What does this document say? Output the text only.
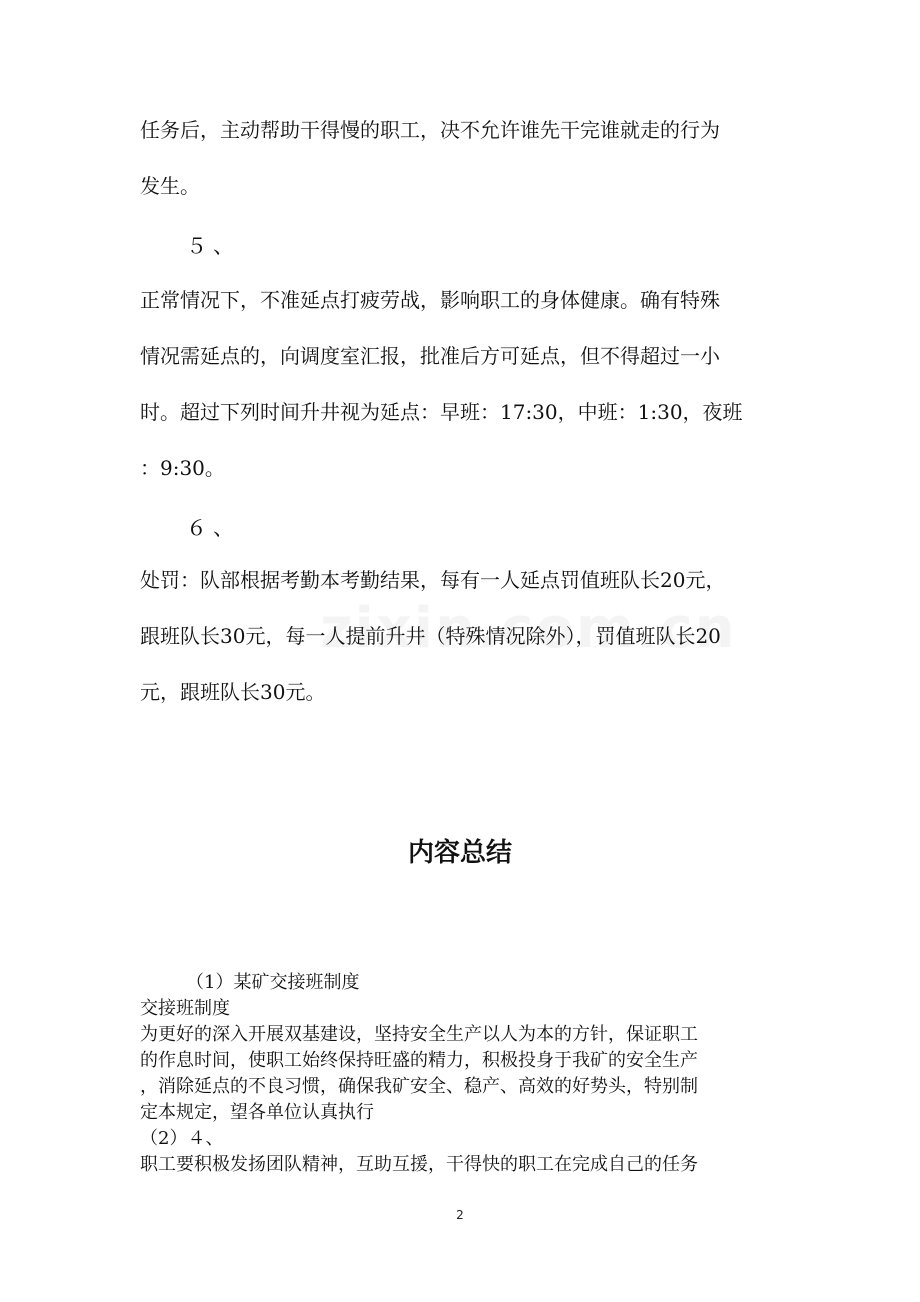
任务后，主动帮助干得慢的职工，决不允许谁先干完谁就走的行为

发生。

５、

正常情况下，不准延点打疲劳战，影响职工的身体健康。确有特殊

情况需延点的，向调度室汇报，批准后方可延点，但不得超过一小

时。超过下列时间升井视为延点：早班：17:30，中班：1:30，夜班

：9:30。

６、

处罚：队部根据考勤本考勤结果，每有一人延点罚值班队长20元，

跟班队长30元，每一人提前升井（特殊情况除外），罚值班队长20

元，跟班队长30元。

内容总结

（1）某矿交接班制度

交接班制度

为更好的深入开展双基建设，坚持安全生产以人为本的方针，保证职工

的作息时间，使职工始终保持旺盛的精力，积极投身于我矿的安全生产

，消除延点的不良习惯，确保我矿安全、稳产、高效的好势头，特别制

定本规定，望各单位认真执行

（2）４、

职工要积极发扬团队精神，互助互援，干得快的职工在完成自己的任务

2
